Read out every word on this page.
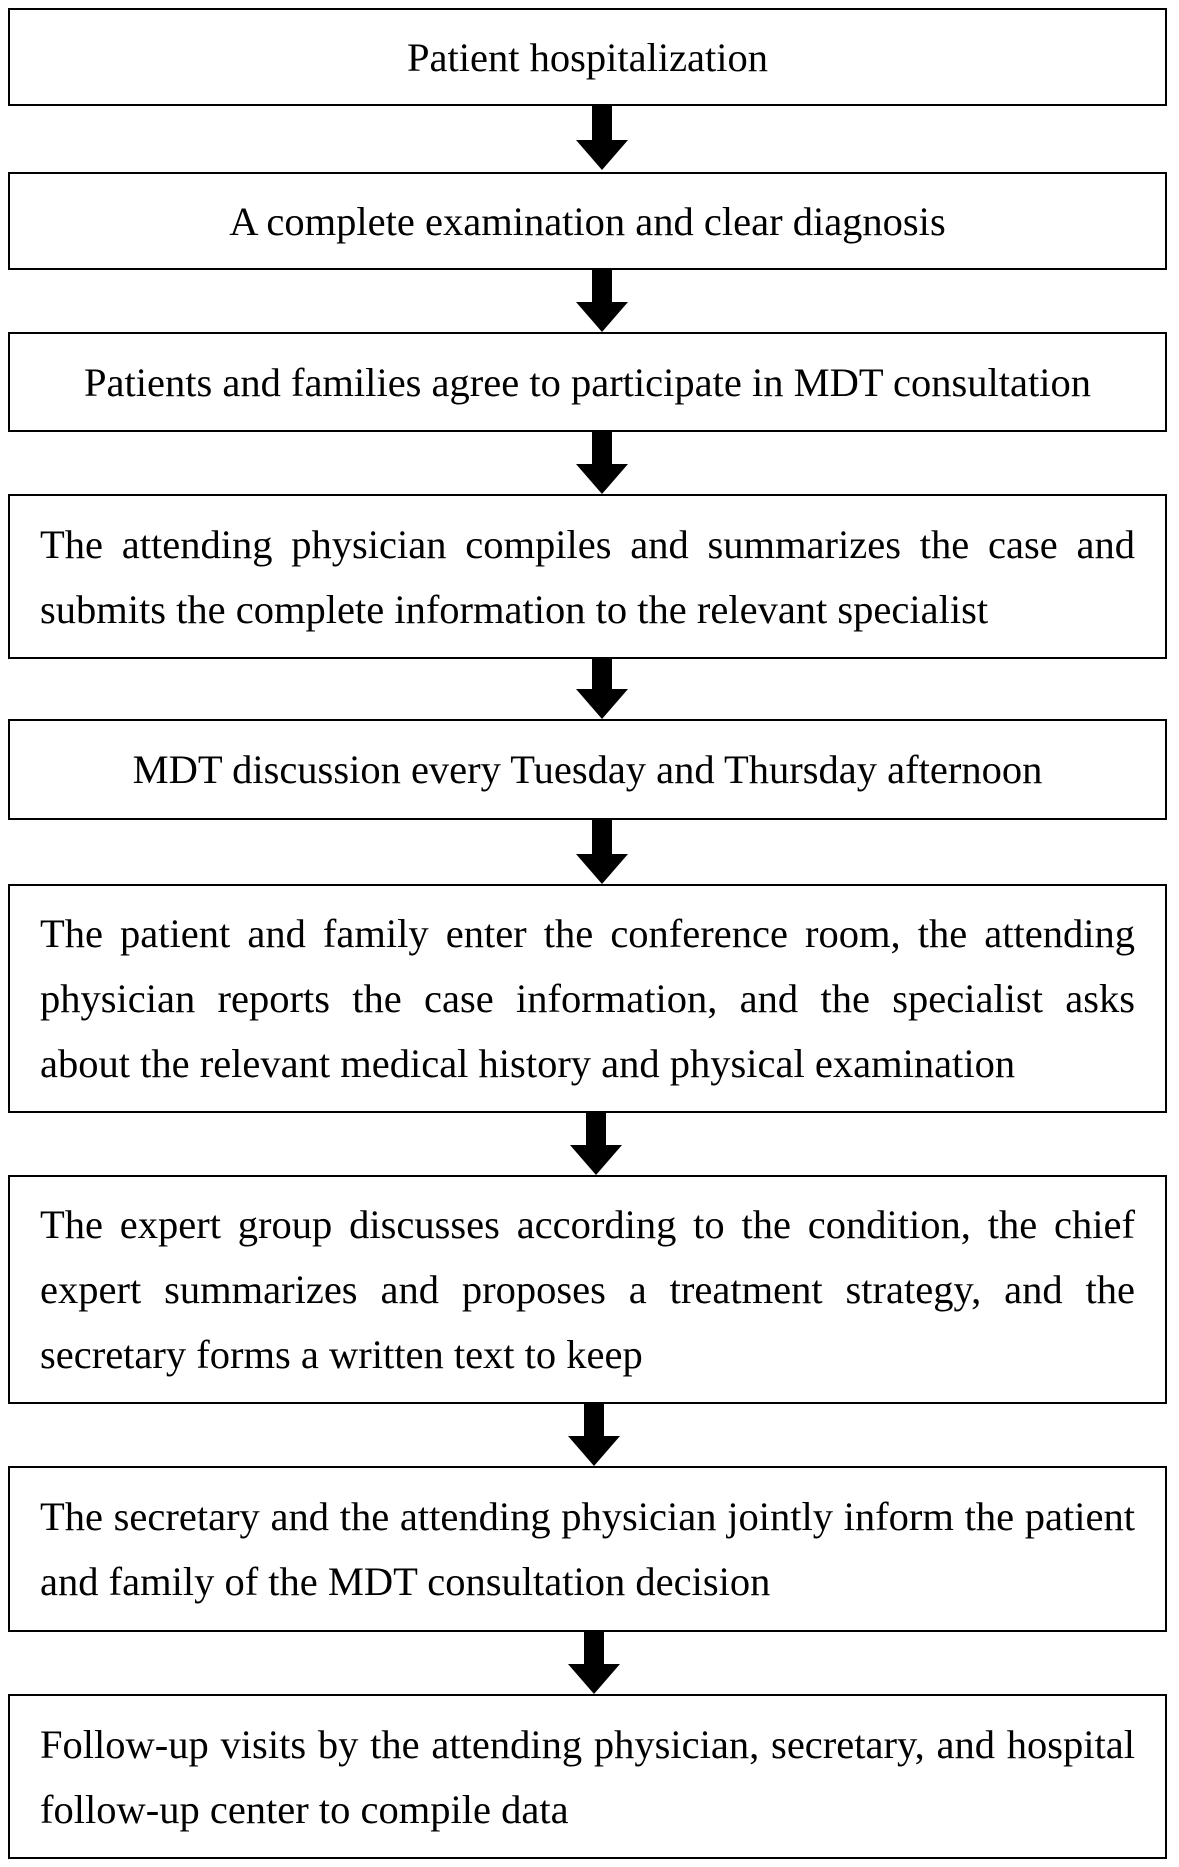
Patient hospitalization
A complete examination and clear diagnosis
Patients and families agree to participate in MDT consultation
The attending physician compiles and summarizes the case and submits the complete information to the relevant specialist
MDT discussion every Tuesday and Thursday afternoon
The patient and family enter the conference room, the attending physician reports the case information, and the specialist asks about the relevant medical history and physical examination
The expert group discusses according to the condition, the chief expert summarizes and proposes a treatment strategy, and the secretary forms a written text to keep
The secretary and the attending physician jointly inform the patient and family of the MDT consultation decision
Follow-up visits by the attending physician, secretary, and hospital follow-up center to compile data
